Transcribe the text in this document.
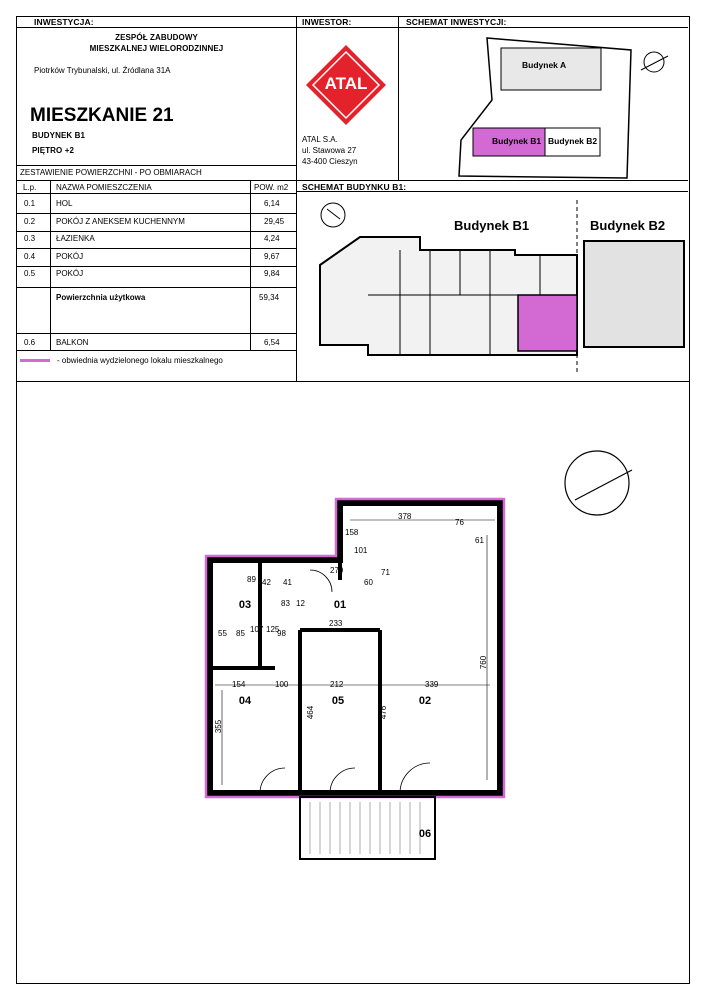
INWESTYCJA:	INWESTOR:	SCHEMAT INWESTYCJI:
ZESPÓŁ ZABUDOWY
MIESZKALNEJ WIELORODZINNEJ
Piotrków Trybunalski, ul. Źródlana 31A
MIESZKANIE 21
BUDYNEK B1
PIĘTRO +2
ATAL
ATAL S.A.
ul. Stawowa 27
43-400 Cieszyn
Budynek A
Budynek B1 Budynek B2
ZESTAWIENIE POWIERZCHNI - PO OBMIARACH
L.p. NAZWA POMIESZCZENIA	POW. m2
0.1	HOL	6,14
0.2	POKÓJ Z ANEKSEM KUCHENNYM	29,45
0.3	ŁAZIENKA	4,24
0.4	POKÓJ	9,67
0.5	POKÓJ	9,84
Powierzchnia użytkowa	59,34
0.6	BALKON	6,54
- obwiednia wydzielonego lokalu mieszkalnego
SCHEMAT BUDYNKU B1:
Budynek B1	Budynek B2
03	01
04	05	02
06
378
76
61
158
101
279	71
60
89 42 41
83 12
233
107 125
55 85	98
154	100	212	339
355
464	476
760
